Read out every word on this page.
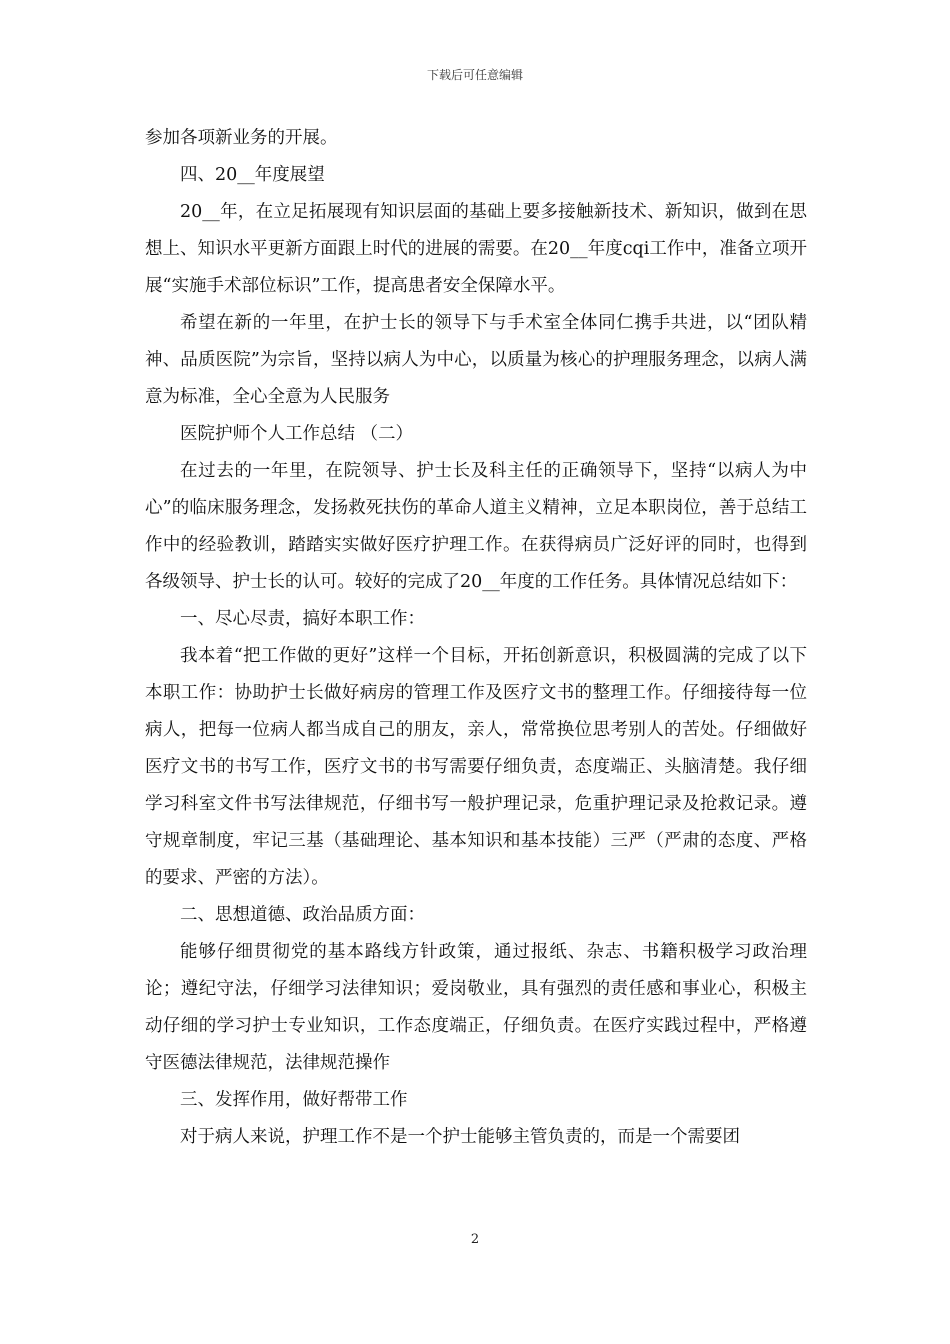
下载后可任意编辑

参加各项新业务的开展。

四、20__年度展望

20__年，在立足拓展现有知识层面的基础上要多接触新技术、新知识，做到在思想上、知识水平更新方面跟上时代的进展的需要。在20__年度cqi工作中，准备立项开展“实施手术部位标识”工作，提高患者安全保障水平。

希望在新的一年里，在护士长的领导下与手术室全体同仁携手共进，以“团队精神、品质医院”为宗旨，坚持以病人为中心，以质量为核心的护理服务理念，以病人满意为标准，全心全意为人民服务

医院护师个人工作总结 （二）

在过去的一年里，在院领导、护士长及科主任的正确领导下，坚持“以病人为中心”的临床服务理念，发扬救死扶伤的革命人道主义精神，立足本职岗位，善于总结工作中的经验教训，踏踏实实做好医疗护理工作。在获得病员广泛好评的同时，也得到各级领导、护士长的认可。较好的完成了20__年度的工作任务。具体情况总结如下：

一、尽心尽责，搞好本职工作：

我本着“把工作做的更好”这样一个目标，开拓创新意识，积极圆满的完成了以下本职工作：协助护士长做好病房的管理工作及医疗文书的整理工作。仔细接待每一位病人，把每一位病人都当成自己的朋友，亲人，常常换位思考别人的苦处。仔细做好医疗文书的书写工作，医疗文书的书写需要仔细负责，态度端正、头脑清楚。我仔细学习科室文件书写法律规范，仔细书写一般护理记录，危重护理记录及抢救记录。遵守规章制度，牢记三基（基础理论、基本知识和基本技能）三严（严肃的态度、严格的要求、严密的方法）。

二、思想道德、政治品质方面：

能够仔细贯彻党的基本路线方针政策，通过报纸、杂志、书籍积极学习政治理论；遵纪守法，仔细学习法律知识；爱岗敬业，具有强烈的责任感和事业心，积极主动仔细的学习护士专业知识，工作态度端正，仔细负责。在医疗实践过程中，严格遵守医德法律规范，法律规范操作

三、发挥作用，做好帮带工作

对于病人来说，护理工作不是一个护士能够主管负责的，而是一个需要团

2
